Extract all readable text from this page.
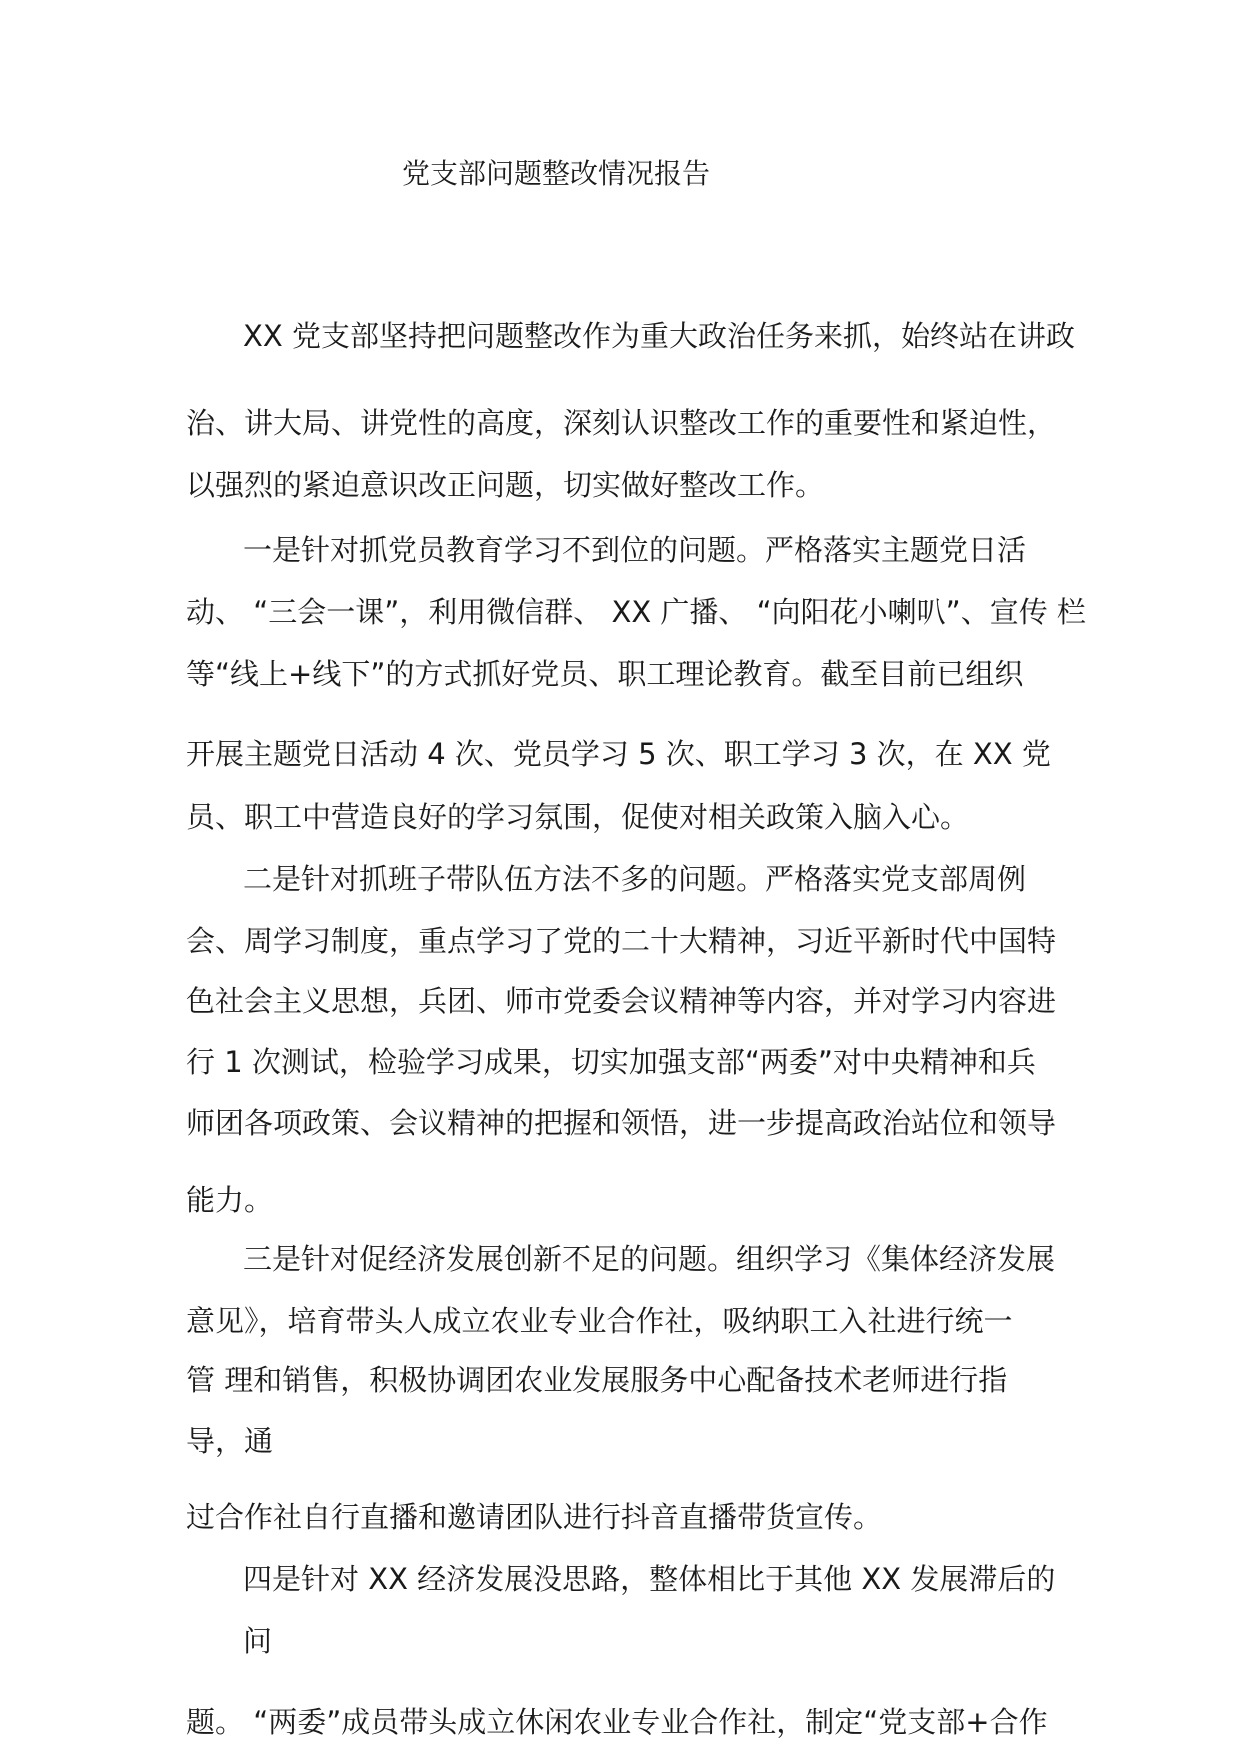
党支部问题整改情况报告
XX 党支部坚持把问题整改作为重大政治任务来抓，始终站在讲政
治、讲大局、讲党性的高度，深刻认识整改工作的重要性和紧迫性，
以强烈的紧迫意识改正问题，切实做好整改工作。
一是针对抓党员教育学习不到位的问题。严格落实主题党日活
动、 “三会一课”，利用微信群、 XX 广播、 “向阳花小喇叭”、宣传 栏
等“线上+线下”的方式抓好党员、职工理论教育。截至目前已组织
开展主题党日活动 4 次、党员学习 5 次、职工学习 3 次，在 XX 党
员、职工中营造良好的学习氛围，促使对相关政策入脑入心。
二是针对抓班子带队伍方法不多的问题。严格落实党支部周例
会、周学习制度，重点学习了党的二十大精神，习近平新时代中国特
色社会主义思想，兵团、师市党委会议精神等内容，并对学习内容进
行 1 次测试，检验学习成果，切实加强支部“两委”对中央精神和兵
师团各项政策、会议精神的把握和领悟，进一步提高政治站位和领导
能力。
三是针对促经济发展创新不足的问题。组织学习《集体经济发展
意见》，培育带头人成立农业专业合作社，吸纳职工入社进行统一
管 理和销售，积极协调团农业发展服务中心配备技术老师进行指
导，通
过合作社自行直播和邀请团队进行抖音直播带货宣传。
四是针对 XX 经济发展没思路，整体相比于其他 XX 发展滞后的
问
题。 “两委”成员带头成立休闲农业专业合作社，制定“党支部+合作
